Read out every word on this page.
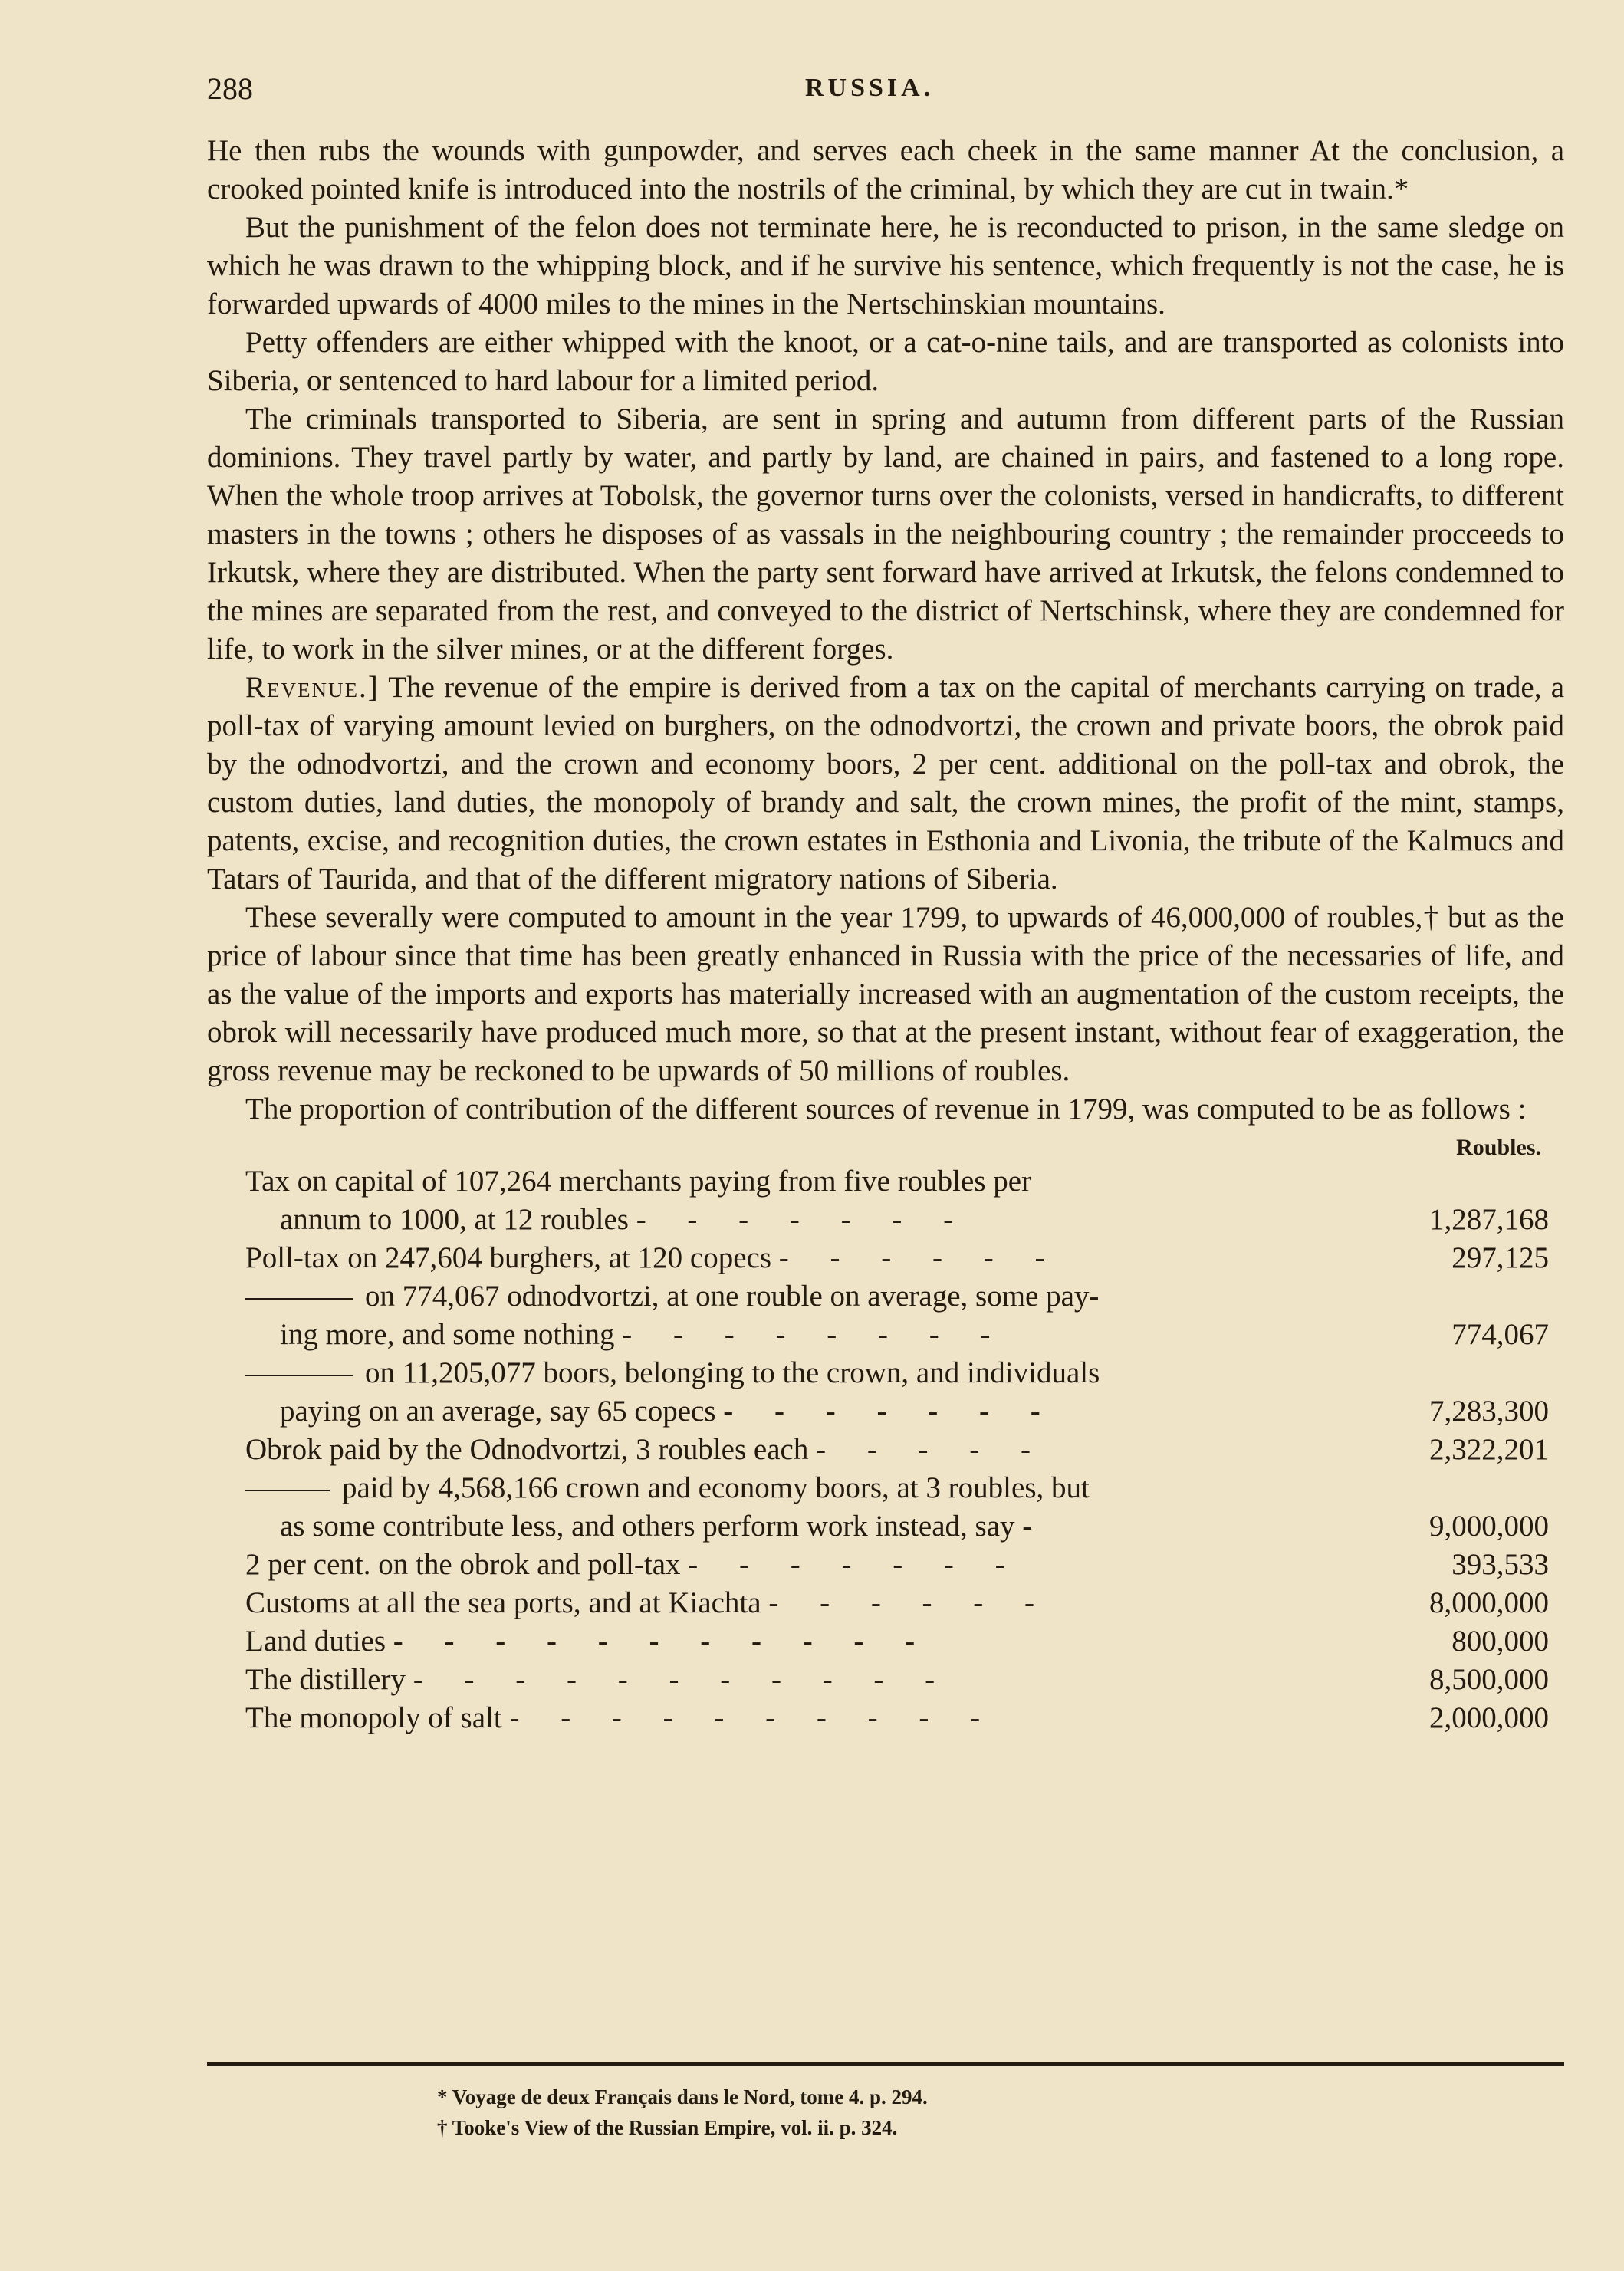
288	RUSSIA.

He then rubs the wounds with gunpowder, and serves each cheek in the same manner At the conclusion, a crooked pointed knife is introduced into the nostrils of the criminal, by which they are cut in twain.*

But the punishment of the felon does not terminate here, he is reconducted to prison, in the same sledge on which he was drawn to the whipping block, and if he survive his sentence, which frequently is not the case, he is forwarded upwards of 4000 miles to the mines in the Nertschinskian mountains.

Petty offenders are either whipped with the knoot, or a cat-o-nine tails, and are transported as colonists into Siberia, or sentenced to hard labour for a limited period.

The criminals transported to Siberia, are sent in spring and autumn from different parts of the Russian dominions. They travel partly by water, and partly by land, are chained in pairs, and fastened to a long rope. When the whole troop arrives at Tobolsk, the governor turns over the colonists, versed in handicrafts, to different masters in the towns ; others he disposes of as vassals in the neighbouring country ; the remainder procceeds to Irkutsk, where they are distributed. When the party sent forward have arrived at Irkutsk, the felons condemned to the mines are separated from the rest, and conveyed to the district of Nertschinsk, where they are condemned for life, to work in the silver mines, or at the different forges.

Revenue.] The revenue of the empire is derived from a tax on the capital of merchants carrying on trade, a poll-tax of varying amount levied on burghers, on the odnodvortzi, the crown and private boors, the obrok paid by the odnodvortzi, and the crown and economy boors, 2 per cent. additional on the poll-tax and obrok, the custom duties, land duties, the monopoly of brandy and salt, the crown mines, the profit of the mint, stamps, patents, excise, and recognition duties, the crown estates in Esthonia and Livonia, the tribute of the Kalmucs and Tatars of Taurida, and that of the different migratory nations of Siberia.

These severally were computed to amount in the year 1799, to upwards of 46,000,000 of roubles,† but as the price of labour since that time has been greatly enhanced in Russia with the price of the necessaries of life, and as the value of the imports and exports has materially increased with an augmentation of the custom receipts, the obrok will necessarily have produced much more, so that at the present instant, without fear of exaggeration, the gross revenue may be reckoned to be upwards of 50 millions of roubles.

The proportion of contribution of the different sources of revenue in 1799, was computed to be as follows :

Roubles.
Tax on capital of 107,264 merchants paying from five roubles per	

annum to 1000, at 12 roubles - - - - - - -	1,287,168
Poll-tax on 247,604 burghers, at 120 copecs - - - - - -	297,125
on 774,067 odnodvortzi, at one rouble on average, some pay-	

ing more, and some nothing - - - - - - - -	774,067
on 11,205,077 boors, belonging to the crown, and individuals	

paying on an average, say 65 copecs - - - - - - -	7,283,300
Obrok paid by the Odnodvortzi, 3 roubles each - - - - -	2,322,201
paid by 4,568,166 crown and economy boors, at 3 roubles, but	

as some contribute less, and others perform work instead, say -	9,000,000
2 per cent. on the obrok and poll-tax - - - - - - -	393,533
Customs at all the sea ports, and at Kiachta - - - - - -	8,000,000
Land duties - - - - - - - - - - -	800,000
The distillery - - - - - - - - - - -	8,500,000
The monopoly of salt - - - - - - - - - -	2,000,000
* Voyage de deux Français dans le Nord, tome 4. p. 294.
† Tooke's View of the Russian Empire, vol. ii. p. 324.
